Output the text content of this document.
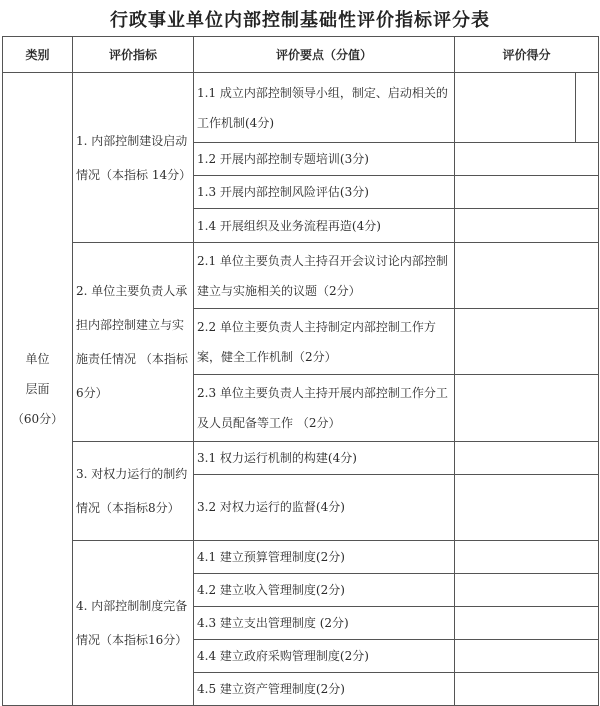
行政事业单位内部控制基础性评价指标评分表
类别	评价指标	评价要点（分值）	评价得分

单位
层面
（60分）	1. 内部控制建设启动情况（本指标 14分）	1.1 成立内部控制领导小组，制定、启动相关的工作机制(4分)	

		1.2 开展内部控制专题培训(3分)	
		1.3 开展内部控制风险评估(3分)	
		1.4 开展组织及业务流程再造(4分)	
	2. 单位主要负责人承担内部控制建立与实施责任情况 （本指标6分）	2.1 单位主要负责人主持召开会议讨论内部控制建立与实施相关的议题（2分）	
		2.2 单位主要负责人主持制定内部控制工作方案，健全工作机制（2分）	
		2.3 单位主要负责人主持开展内部控制工作分工及人员配备等工作 （2分）	
	3. 对权力运行的制约情况（本指标8分）	3.1 权力运行机制的构建(4分)	
		3.2 对权力运行的监督(4分)	
	4. 内部控制制度完备情况（本指标16分）	4.1 建立预算管理制度(2分)	
		4.2 建立收入管理制度(2分)	
		4.3 建立支出管理制度 (2分)	
		4.4 建立政府采购管理制度(2分)	
		4.5 建立资产管理制度(2分)	
